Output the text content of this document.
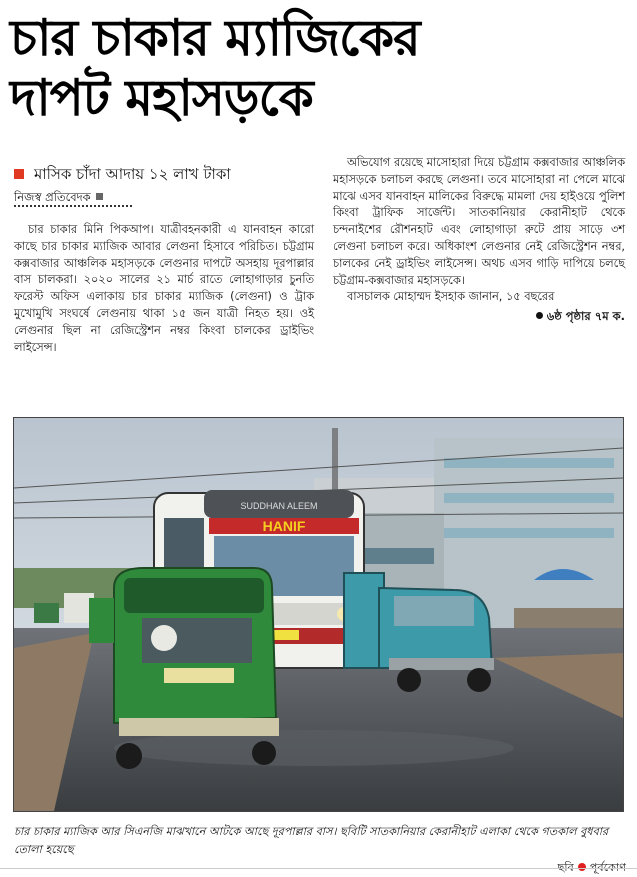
চার চাকার ম্যাজিকের
দাপট মহাসড়কে
মাসিক চাঁদা আদায় ১২ লাখ টাকা
নিজস্ব প্রতিবেদক

চার চাকার মিনি পিকআপ। যাত্রীবহনকারী এ যানবাহন কারো কাছে চার চাকার ম্যাজিক আবার লেগুনা হিসাবে পরিচিত। চট্টগ্রাম কক্সবাজার আঞ্চলিক মহাসড়কে লেগুনার দাপটে অসহায় দূরপাল্লার বাস চালকরা। ২০২০ সালের ২১ মার্চ রাতে লোহাগাড়ার চুনতি ফরেস্ট অফিস এলাকায় চার চাকার ম্যাজিক (লেগুনা) ও ট্রাক মুখোমুখি সংঘর্ষে লেগুনায় থাকা ১৫ জন যাত্রী নিহত হয়। ওই লেগুনার ছিল না রেজিস্ট্রেশন নম্বর কিংবা চালকের ড্রাইভিং লাইসেন্স।

অভিযোগ রয়েছে মাসোহারা দিয়ে চট্টগ্রাম কক্সবাজার আঞ্চলিক মহাসড়কে চলাচল করছে লেগুনা। তবে মাসোহারা না পেলে মাঝে মাঝে এসব যানবাহন মালিকের বিরুদ্ধে মামলা দেয় হাইওয়ে পুলিশ কিংবা ট্রাফিক সার্জেন্ট। সাতকানিয়ার কেরানীহাট থেকে চন্দনাইশের রৌশনহাট এবং লোহাগাড়া রুটে প্রায় সাড়ে ৩শ লেগুনা চলাচল করে। অধিকাংশ লেগুনার নেই রেজিস্ট্রেশন নম্বর, চালকের নেই ড্রাইভিং লাইসেন্স। অথচ এসব গাড়ি দাপিয়ে চলছে চট্টগ্রাম-কক্সবাজার মহাসড়কে।

বাসচালক মোহাম্মদ ইসহাক জানান, ১৫ বছরের

৬ষ্ঠ পৃষ্ঠার ৭ম ক.
SUDDHAN ALEEM
HANIF

চার চাকার ম্যাজিক আর সিএনজি মাঝখানে আটকে আছে দূরপাল্লার বাস। ছবিটি সাতকানিয়ার কেরানীহাট এলাকা থেকে গতকাল বুধবার তোলা হয়েছে

ছবি পূর্বকোণ
